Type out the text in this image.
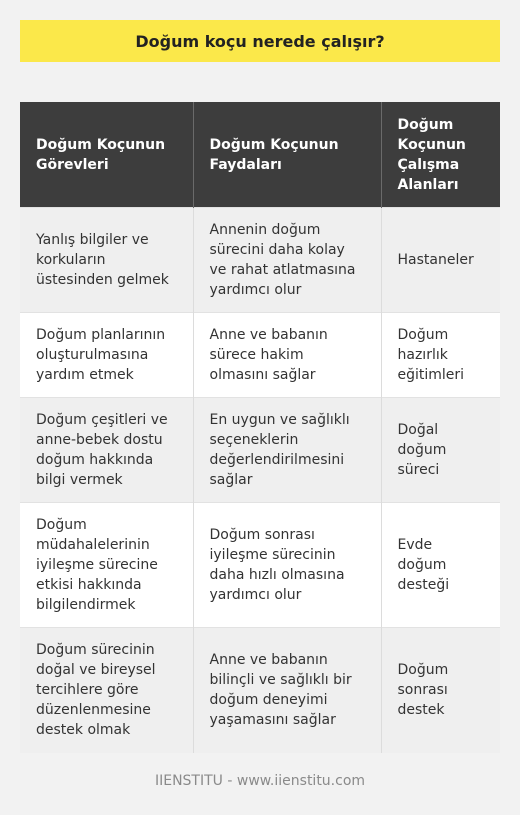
Doğum koçu nerede çalışır?
Doğum Koçunun Görevleri	Doğum Koçunun Faydaları	Doğum Koçunun Çalışma Alanları
Yanlış bilgiler ve korkuların üstesinden gelmek	Annenin doğum sürecini daha kolay ve rahat atlatmasına yardımcı olur	Hastaneler
Doğum planlarının oluşturulmasına yardım etmek	Anne ve babanın sürece hakim olmasını sağlar	Doğum hazırlık eğitimleri
Doğum çeşitleri ve anne-bebek dostu doğum hakkında bilgi vermek	En uygun ve sağlıklı seçeneklerin değerlendirilmesini sağlar	Doğal doğum süreci
Doğum müdahalelerinin iyileşme sürecine etkisi hakkında bilgilendirmek	Doğum sonrası iyileşme sürecinin daha hızlı olmasına yardımcı olur	Evde doğum desteği
Doğum sürecinin doğal ve bireysel tercihlere göre düzenlenmesine destek olmak	Anne ve babanın bilinçli ve sağlıklı bir doğum deneyimi yaşamasını sağlar	Doğum sonrası destek
IIENSTITU - www.iienstitu.com
